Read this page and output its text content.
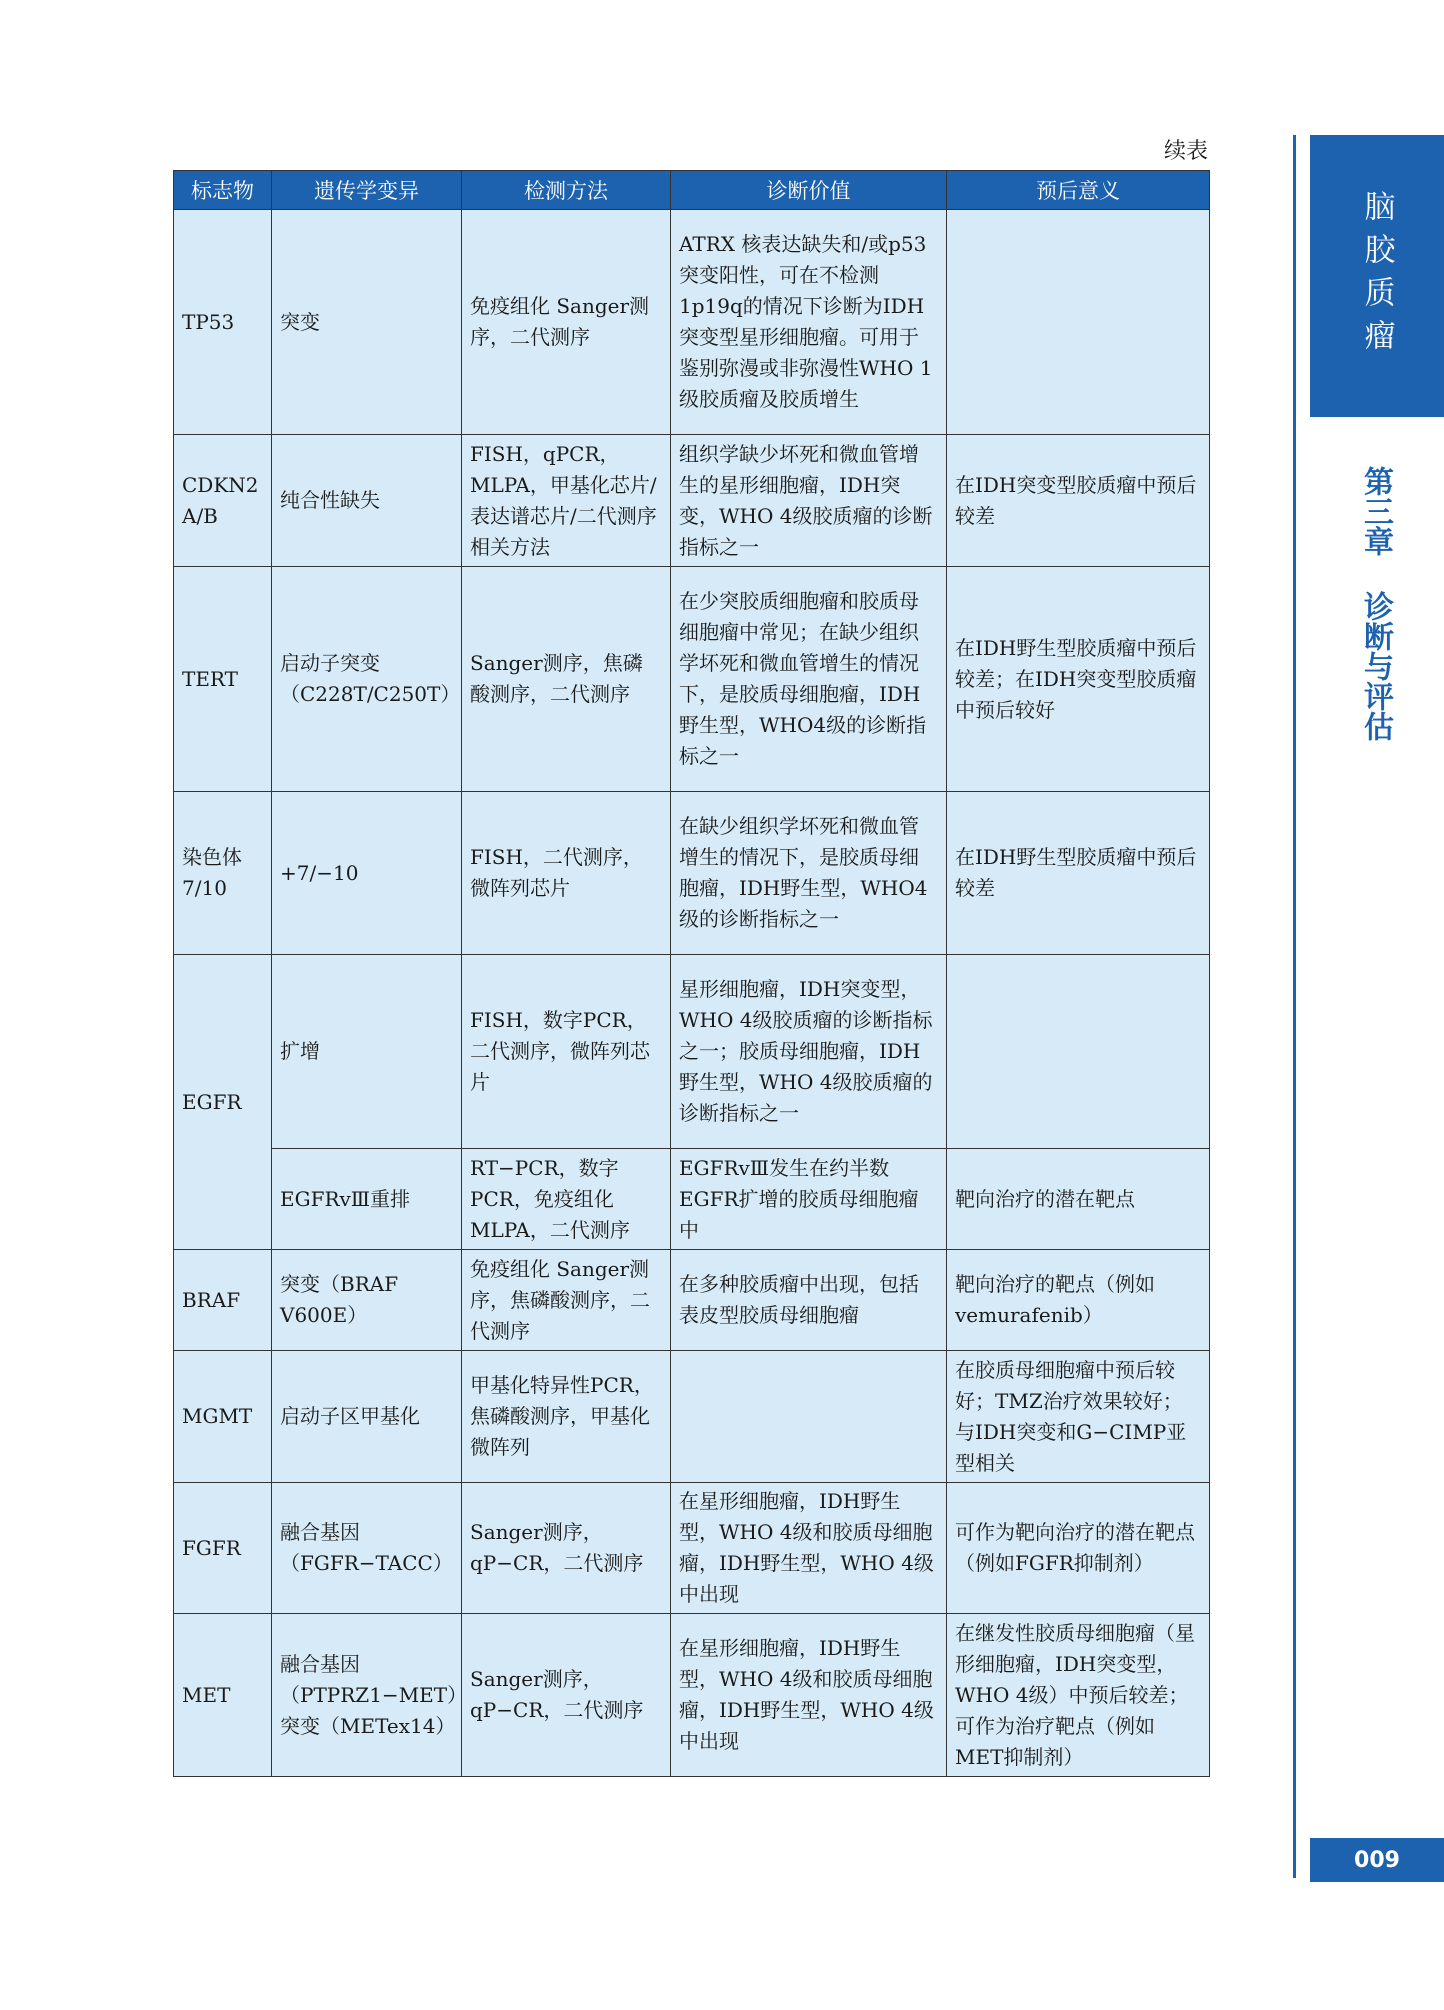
续表
标志物	遗传学变异	检测方法	诊断价值	预后意义
TP53	突变	免疫组化 Sanger测序，二代测序	ATRX 核表达缺失和/或p53突变阳性，可在不检测1p19q的情况下诊断为IDH突变型星形细胞瘤。可用于鉴别弥漫或非弥漫性WHO 1级胶质瘤及胶质增生	
CDKN2A/B	纯合性缺失	FISH，qPCR，MLPA，甲基化芯片/表达谱芯片/二代测序相关方法	组织学缺少坏死和微血管增生的星形细胞瘤，IDH突变，WHO 4级胶质瘤的诊断指标之一	在IDH突变型胶质瘤中预后较差
TERT	启动子突变（C228T/C250T）	Sanger测序，焦磷酸测序，二代测序	在少突胶质细胞瘤和胶质母细胞瘤中常见；在缺少组织学坏死和微血管增生的情况下，是胶质母细胞瘤，IDH野生型，WHO4级的诊断指标之一	在IDH野生型胶质瘤中预后较差；在IDH突变型胶质瘤中预后较好
染色体7/10	+7/−10	FISH，二代测序，微阵列芯片	在缺少组织学坏死和微血管增生的情况下，是胶质母细胞瘤，IDH野生型，WHO4级的诊断指标之一	在IDH野生型胶质瘤中预后较差
EGFR	扩增	FISH，数字PCR，二代测序，微阵列芯片	星形细胞瘤，IDH突变型，WHO 4级胶质瘤的诊断指标之一；胶质母细胞瘤，IDH野生型，WHO 4级胶质瘤的诊断指标之一	
	EGFRvⅢ重排	RT−PCR，数字PCR，免疫组化MLPA，二代测序	EGFRvⅢ发生在约半数EGFR扩增的胶质母细胞瘤中	靶向治疗的潜在靶点
BRAF	突变（BRAF V600E）	免疫组化 Sanger测序，焦磷酸测序，二代测序	在多种胶质瘤中出现，包括表皮型胶质母细胞瘤	靶向治疗的靶点（例如vemurafenib）
MGMT	启动子区甲基化	甲基化特异性PCR，焦磷酸测序，甲基化微阵列		在胶质母细胞瘤中预后较好；TMZ治疗效果较好；与IDH突变和G−CIMP亚型相关
FGFR	融合基因（FGFR−TACC）	Sanger测序，qP−CR，二代测序	在星形细胞瘤，IDH野生型，WHO 4级和胶质母细胞瘤，IDH野生型，WHO 4级中出现	可作为靶向治疗的潜在靶点（例如FGFR抑制剂）
MET	融合基因（PTPRZ1−MET）突变（METex14）	Sanger测序，qP−CR，二代测序	在星形细胞瘤，IDH野生型，WHO 4级和胶质母细胞瘤，IDH野生型，WHO 4级中出现	在继发性胶质母细胞瘤（星形细胞瘤，IDH突变型，WHO 4级）中预后较差；可作为治疗靶点（例如MET抑制剂）
脑胶质瘤
第三章 诊断与评估
009
